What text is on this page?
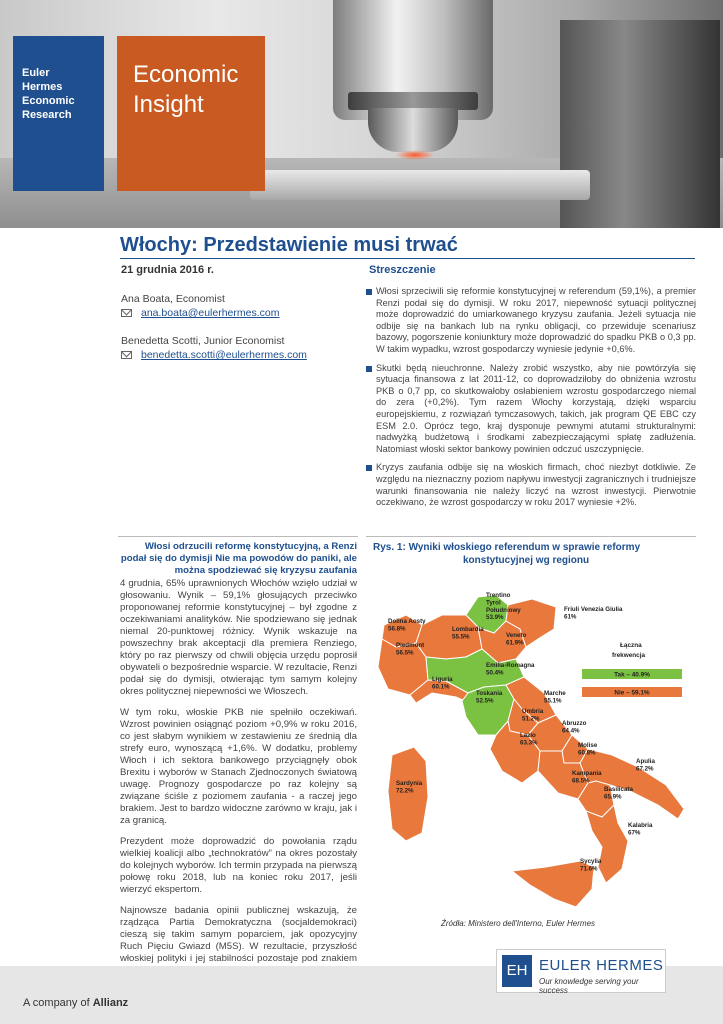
Euler
Hermes
Economic
Research
Economic
Insight
Włochy: Przedstawienie musi trwać
21 grudnia 2016 r.
Ana Boata, Economist
ana.boata@eulerhermes.com
Benedetta Scotti, Junior Economist
benedetta.scotti@eulerhermes.com
Streszczenie

Włosi sprzeciwili się reformie konstytucyjnej w referendum (59,1%), a premier Renzi podał się do dymisji. W roku 2017, niepewność sytuacji politycznej może doprowadzić do umiarkowanego kryzysu zaufania. Jeżeli sytuacja nie odbije się na bankach lub na rynku obligacji, co przewiduje scenariusz bazowy, pogorszenie koniunktury może doprowadzić do spadku PKB o 0,3 pp. W takim wypadku, wzrost gospodarczy wyniesie jedynie +0,6%.

Skutki będą nieuchronne. Należy zrobić wszystko, aby nie powtórzyła się sytuacja finansowa z lat 2011-12, co doprowadziłoby do obniżenia wzrostu PKB o 0,7 pp, co skutkowałoby osłabieniem wzrostu gospodarczego niemal do zera (+0,2%). Tym razem Włochy korzystają, dzięki wsparciu europejskiemu, z rozwiązań tymczasowych, takich, jak program QE EBC czy ESM 2.0. Oprócz tego, kraj dysponuje pewnymi atutami strukturalnymi: nadwyżką budżetową i środkami zabezpieczającymi spłatę zadłużenia. Natomiast włoski sektor bankowy powinien odczuć uszczypnięcie.

Kryzys zaufania odbije się na włoskich firmach, choć niezbyt dotkliwie. Ze względu na nieznaczny poziom napływu inwestycji zagranicznych i trudniejsze warunki finansowania nie należy liczyć na wzrost inwestycji. Pierwotnie oczekiwano, że wzrost gospodarczy w roku 2017 wyniesie +2%.

Włosi odrzucili reformę konstytucyjną, a Renzi podał się do dymisji Nie ma powodów do paniki, ale można spodziewać się kryzysu zaufania

4 grudnia, 65% uprawnionych Włochów wzięło udział w głosowaniu. Wynik – 59,1% głosujących przeciwko proponowanej reformie konstytucyjnej – był zgodne z oczekiwaniami analityków. Nie spodziewano się jednak niemal 20-punktowej różnicy. Wynik wskazuje na powszechny brak akceptacji dla premiera Renziego, który po raz pierwszy od chwili objęcia urzędu poprosił obywateli o bezpośrednie wsparcie. W rezultacie, Renzi podał się do dymisji, otwierając tym samym kolejny okres politycznej niepewności we Włoszech.

W tym roku, włoskie PKB nie spełniło oczekiwań. Wzrost powinien osiągnąć poziom +0,9% w roku 2016, co jest słabym wynikiem w zestawieniu ze średnią dla strefy euro, wynoszącą +1,6%. W dodatku, problemy Włoch i ich sektora bankowego przyciągnęły obok Brexitu i wyborów w Stanach Zjednoczonych światową uwagę. Prognozy gospodarcze po raz kolejny są związane ściśle z poziomem zaufania - a raczej jego brakiem. Jest to bardzo widoczne zarówno w kraju, jak i za granicą.

Prezydent może doprowadzić do powołania rządu wielkiej koalicji albo „technokratów” na okres pozostały do kolejnych wyborów. Ich termin przypada na pierwszą połowę roku 2018, lub na koniec roku 2017, jeśli wierzyć ekspertom.

Najnowsze badania opinii publicznej wskazują, że rządząca Partia Demokratyczna (socjaldemokraci) cieszą się takim samym poparciem, jak opozycyjny Ruch Pięciu Gwiazd (M5S). W rezultacie, przyszłość włoskiej polityki i jej stabilności pozostaje pod znakiem

Rys. 1: Wyniki włoskiego referendum w sprawie reformy
konstytucyjnej wg regionu
Łączna frekwencja
Tak – 40.9%
Nie – 59.1%
Trentino Tyrol Południowy 53.9%
Friuli Venezia Giulia 61%
Dolina Aosty 56.8%	Lombardia 55.5%	Veneto 61.9%
Piedmont 56.5%
Emilia-Romagna 50.4%
Liguria 60.1%
Toskania 52.5%
Marche 55.1%
Umbria 51.2%
Lazio 63.3%
Abruzzo 64.4%
Molise 60.8%
Kampania 68.5%
Apulia 67.2%
Basilicata 65.9%
Kalabria 67%
Sardynia 72.2%
Sycylia 71.6%
Źródła: Ministero dell'Interno, Euler Hermes
A company of Allianz
EH EULER HERMES
Our knowledge serving your success
